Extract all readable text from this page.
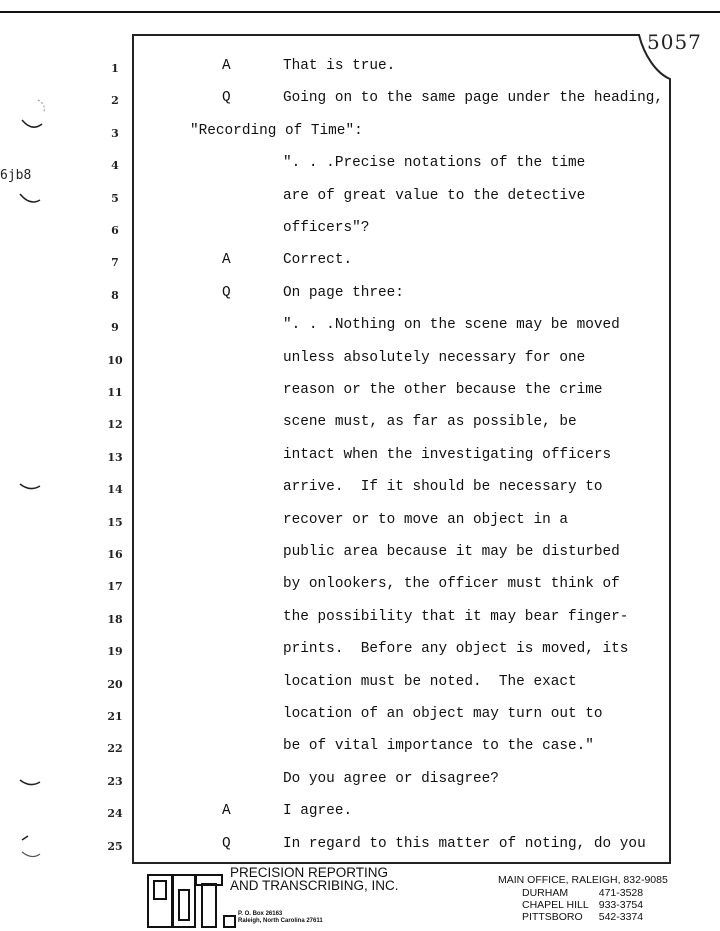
5057
6jb8
1	A	That is true.
2	Q	Going on to the same page under the heading,
3	"Recording of Time":
4	". . .Precise notations of the time
5	are of great value to the detective
6	officers"?
7	A	Correct.
8	Q	On page three:
9	". . .Nothing on the scene may be moved
10	unless absolutely necessary for one
11	reason or the other because the crime
12	scene must, as far as possible, be
13	intact when the investigating officers
14	arrive.  If it should be necessary to
15	recover or to move an object in a
16	public area because it may be disturbed
17	by onlookers, the officer must think of
18	the possibility that it may bear finger-
19	prints.  Before any object is moved, its
20	location must be noted.  The exact
21	location of an object may turn out to
22	be of vital importance to the case."
23	Do you agree or disagree?
24	A	I agree.
25	Q	In regard to this matter of noting, do you
PRECISION REPORTING
AND TRANSCRIBING, INC.
P. O. Box 26163
Raleigh, North Carolina 27611
MAIN OFFICE, RALEIGH, 832-9085
DURHAM	471-3528
CHAPEL HILL	933-3754
PITTSBORO	542-3374
